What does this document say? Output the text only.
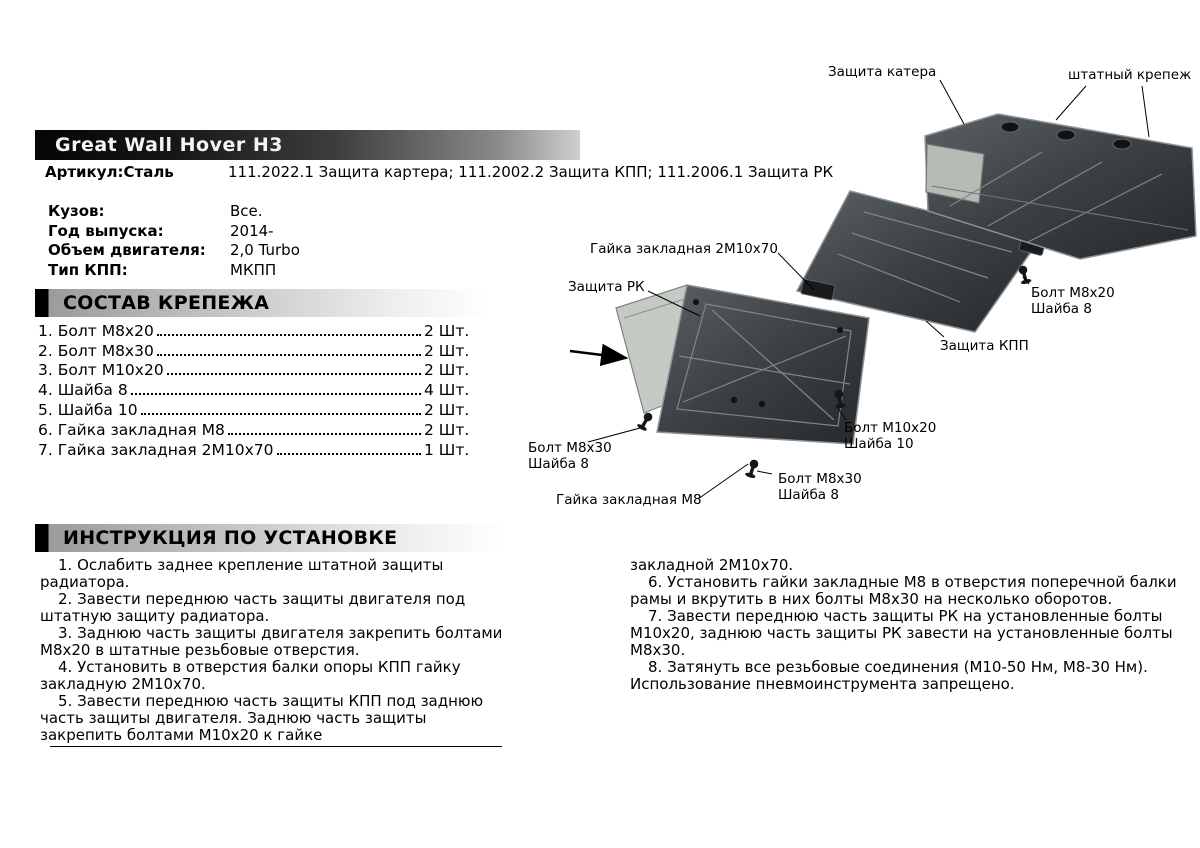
Great Wall Hover H3
Артикул:Сталь	111.2022.1 Защита картера; 111.2002.2 Защита КПП; 111.2006.1 Защита РК
Кузов:	Все.
Год выпуска:	2014-
Объем двигателя:	2,0 Turbo
Тип КПП:	МКПП
СОСТАВ КРЕПЕЖА
1. Болт М8х20	2 Шт.
2. Болт М8х30	2 Шт.
3. Болт М10х20	2 Шт.
4. Шайба 8	4 Шт.
5. Шайба 10	2 Шт.
6. Гайка закладная М8	2 Шт.
7. Гайка закладная 2М10х70	1 Шт.
Защита катера	штатный крепеж
Гайка закладная 2М10х70
Защита РК	Болт М8х20
Шайба 8
Защита КПП
Болт М10х20
Шайба 10
Болт М8х30
Шайба 8
Гайка закладная М8
Болт М8х30
Шайба 8
ИНСТРУКЦИЯ ПО УСТАНОВКЕ

1. Ослабить заднее крепление штатной защиты радиатора.

2. Завести переднюю часть защиты двигателя под штатную защиту радиатора.

3. Заднюю часть защиты двигателя закрепить болтами М8х20 в штатные резьбовые отверстия.

4. Установить в отверстия балки опоры КПП гайку закладную 2М10х70.

5. Завести переднюю часть защиты КПП под заднюю часть защиты двигателя. Заднюю часть защиты закрепить болтами М10х20 к гайке

закладной 2М10х70.

6. Установить гайки закладные М8 в отверстия поперечной балки рамы и вкрутить в них болты М8х30 на несколько оборотов.

7. Завести переднюю часть защиты РК на установленные болты М10х20, заднюю часть защиты РК завести на установленные болты М8х30.

8. Затянуть все резьбовые соединения (М10-50 Нм, М8-30 Нм).

Использование пневмоинструмента запрещено.
